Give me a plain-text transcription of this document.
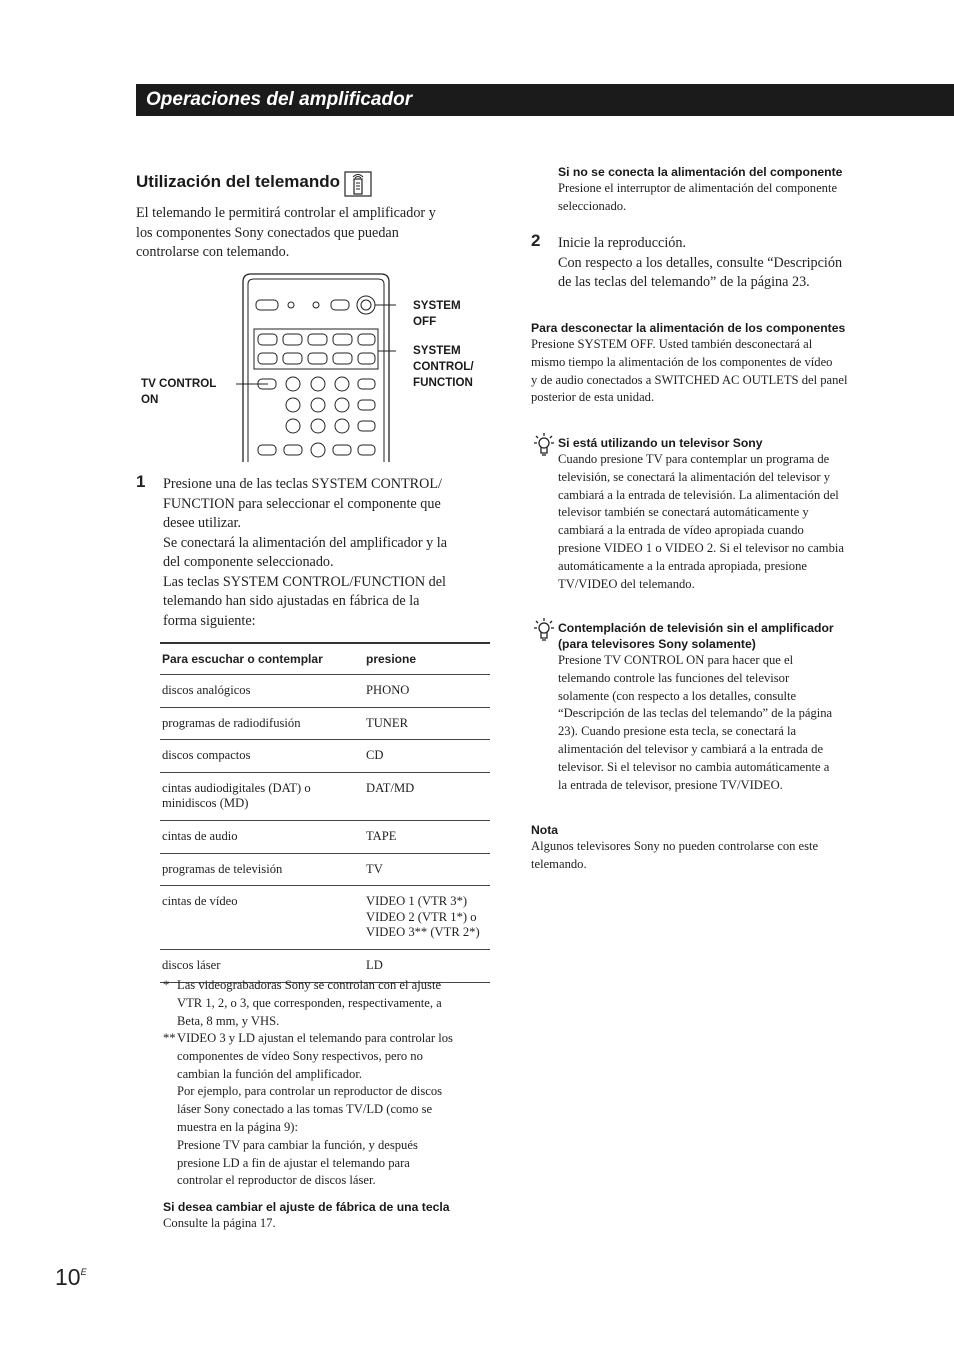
Operaciones del amplificador
Utilización del telemando

El telemando le permitirá controlar el amplificador y

los componentes Sony conectados que puedan

controlarse con telemando.

SYSTEM
OFF
SYSTEM
CONTROL/
FUNCTION
TV CONTROL
ON
1 Presione una de las teclas SYSTEM CONTROL/

FUNCTION para seleccionar el componente que

desee utilizar.

Se conectará la alimentación del amplificador y la

del componente seleccionado.

Las teclas SYSTEM CONTROL/FUNCTION del

telemando han sido ajustadas en fábrica de la

forma siguiente:

Para escuchar o contemplar	presione
discos analógicos	PHONO
programas de radiodifusión	TUNER
discos compactos	CD
cintas audiodigitales (DAT) o
minidiscos (MD)	DAT/MD
cintas de audio	TAPE
programas de televisión	TV
cintas de vídeo	VIDEO 1 (VTR 3*)
VIDEO 2 (VTR 1*) o
VIDEO 3** (VTR 2*)
discos láser	LD
* Las videograbadoras Sony se controlan con el ajuste
VTR 1, 2, o 3, que corresponden, respectivamente, a
Beta, 8 mm, y VHS.
** VIDEO 3 y LD ajustan el telemando para controlar los
componentes de vídeo Sony respectivos, pero no
cambian la función del amplificador.
Por ejemplo, para controlar un reproductor de discos
láser Sony conectado a las tomas TV/LD (como se
muestra en la página 9):
Presione TV para cambiar la función, y después
presione LD a fin de ajustar el telemando para
controlar el reproductor de discos láser.
Si desea cambiar el ajuste de fábrica de una tecla

Consulte la página 17.

Si no se conecta la alimentación del componente

Presione el interruptor de alimentación del componente

seleccionado.

2 Inicie la reproducción.

Con respecto a los detalles, consulte “Descripción

de las teclas del telemando” de la página 23.

Para desconectar la alimentación de los componentes

Presione SYSTEM OFF. Usted también desconectará al

mismo tiempo la alimentación de los componentes de vídeo

y de audio conectados a SWITCHED AC OUTLETS del panel

posterior de esta unidad.

Si está utilizando un televisor Sony

Cuando presione TV para contemplar un programa de

televisión, se conectará la alimentación del televisor y

cambiará a la entrada de televisión. La alimentación del

televisor también se conectará automáticamente y

cambiará a la entrada de vídeo apropiada cuando

presione VIDEO 1 o VIDEO 2. Si el televisor no cambia

automáticamente a la entrada apropiada, presione

TV/VIDEO del telemando.

Contemplación de televisión sin el amplificador
(para televisores Sony solamente)

Presione TV CONTROL ON para hacer que el

telemando controle las funciones del televisor

solamente (con respecto a los detalles, consulte

“Descripción de las teclas del telemando” de la página

23). Cuando presione esta tecla, se conectará la

alimentación del televisor y cambiará a la entrada de

televisor. Si el televisor no cambia automáticamente a

la entrada de televisor, presione TV/VIDEO.

Nota

Algunos televisores Sony no pueden controlarse con este

telemando.

$10^E$
